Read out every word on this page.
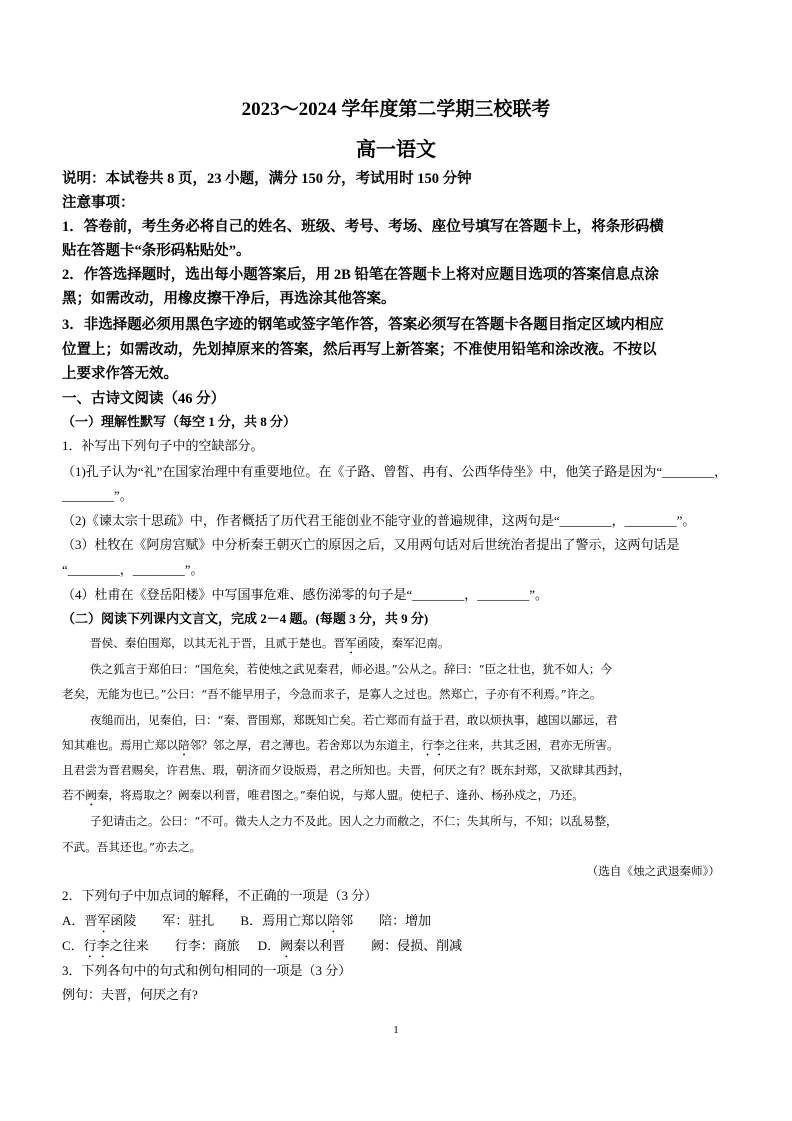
2023～2024 学年度第二学期三校联考
高一语文
说明：本试卷共 8 页，23 小题，满分 150 分，考试用时 150 分钟
注意事项：
1．答卷前，考生务必将自己的姓名、班级、考号、考场、座位号填写在答题卡上，将条形码横
贴在答题卡“条形码粘贴处”。
2．作答选择题时，选出每小题答案后，用 2B 铅笔在答题卡上将对应题目选项的答案信息点涂
黑；如需改动，用橡皮擦干净后，再选涂其他答案。
3．非选择题必须用黑色字迹的钢笔或签字笔作答，答案必须写在答题卡各题目指定区域内相应
位置上；如需改动，先划掉原来的答案，然后再写上新答案；不准使用铅笔和涂改液。不按以
上要求作答无效。
一、古诗文阅读（46 分）
（一）理解性默写（每空 1 分，共 8 分）
1．补写出下列句子中的空缺部分。
（1)孔子认为“礼”在国家治理中有重要地位。在《子路、曾皙、冉有、公西华侍坐》中，他笑子路是因为“________，
________”。
（2)《谏太宗十思疏》中，作者概括了历代君王能创业不能守业的普遍规律，这两句是“________，________”。
（3）杜牧在《阿房宫赋》中分析秦王朝灭亡的原因之后，又用两句话对后世统治者提出了警示，这两句话是
“________，________”。
（4）杜甫在《登岳阳楼》中写国事危难、感伤涕零的句子是“________，________”。
（二）阅读下列课内文言文，完成 2－4 题。(每题 3 分，共 9 分)
晋侯、秦伯围郑，以其无礼于晋，且贰于楚也。晋军函陵，秦军氾南。
佚之狐言于郑伯曰：“国危矣，若使烛之武见秦君，师必退。”公从之。辞曰：“臣之壮也，犹不如人；今
老矣，无能为也已。”公曰：“吾不能早用子，今急而求子，是寡人之过也。然郑亡，子亦有不利焉。”许之。
夜缒而出，见秦伯，曰：“秦、晋围郑，郑既知亡矣。若亡郑而有益于君，敢以烦执事，越国以鄙远，君
知其难也。焉用亡郑以陪邻？邻之厚，君之薄也。若舍郑以为东道主，行李之往来，共其乏困，君亦无所害。
且君尝为晋君赐矣，许君焦、瑕，朝济而夕设版焉，君之所知也。夫晋，何厌之有？既东封郑，又欲肆其西封，
若不阙秦，将焉取之？阙秦以利晋，唯君图之。”秦伯说，与郑人盟。使杞子、逢孙、杨孙戍之，乃还。
子犯请击之。公曰：“不可。微夫人之力不及此。因人之力而敝之，不仁；失其所与，不知；以乱易整，
不武。吾其还也。”亦去之。
（选自《烛之武退秦师》）
2．下列句子中加点词的解释，不正确的一项是（3 分）
A．晋军函陵　　军：驻扎 B．焉用亡郑以陪邻　　陪：增加
C．行李之往来　　行李：商旅 D．阙秦以利晋　　阙：侵损、削减
3．下列各句中的句式和例句相同的一项是（3 分）
例句：夫晋，何厌之有?
1
